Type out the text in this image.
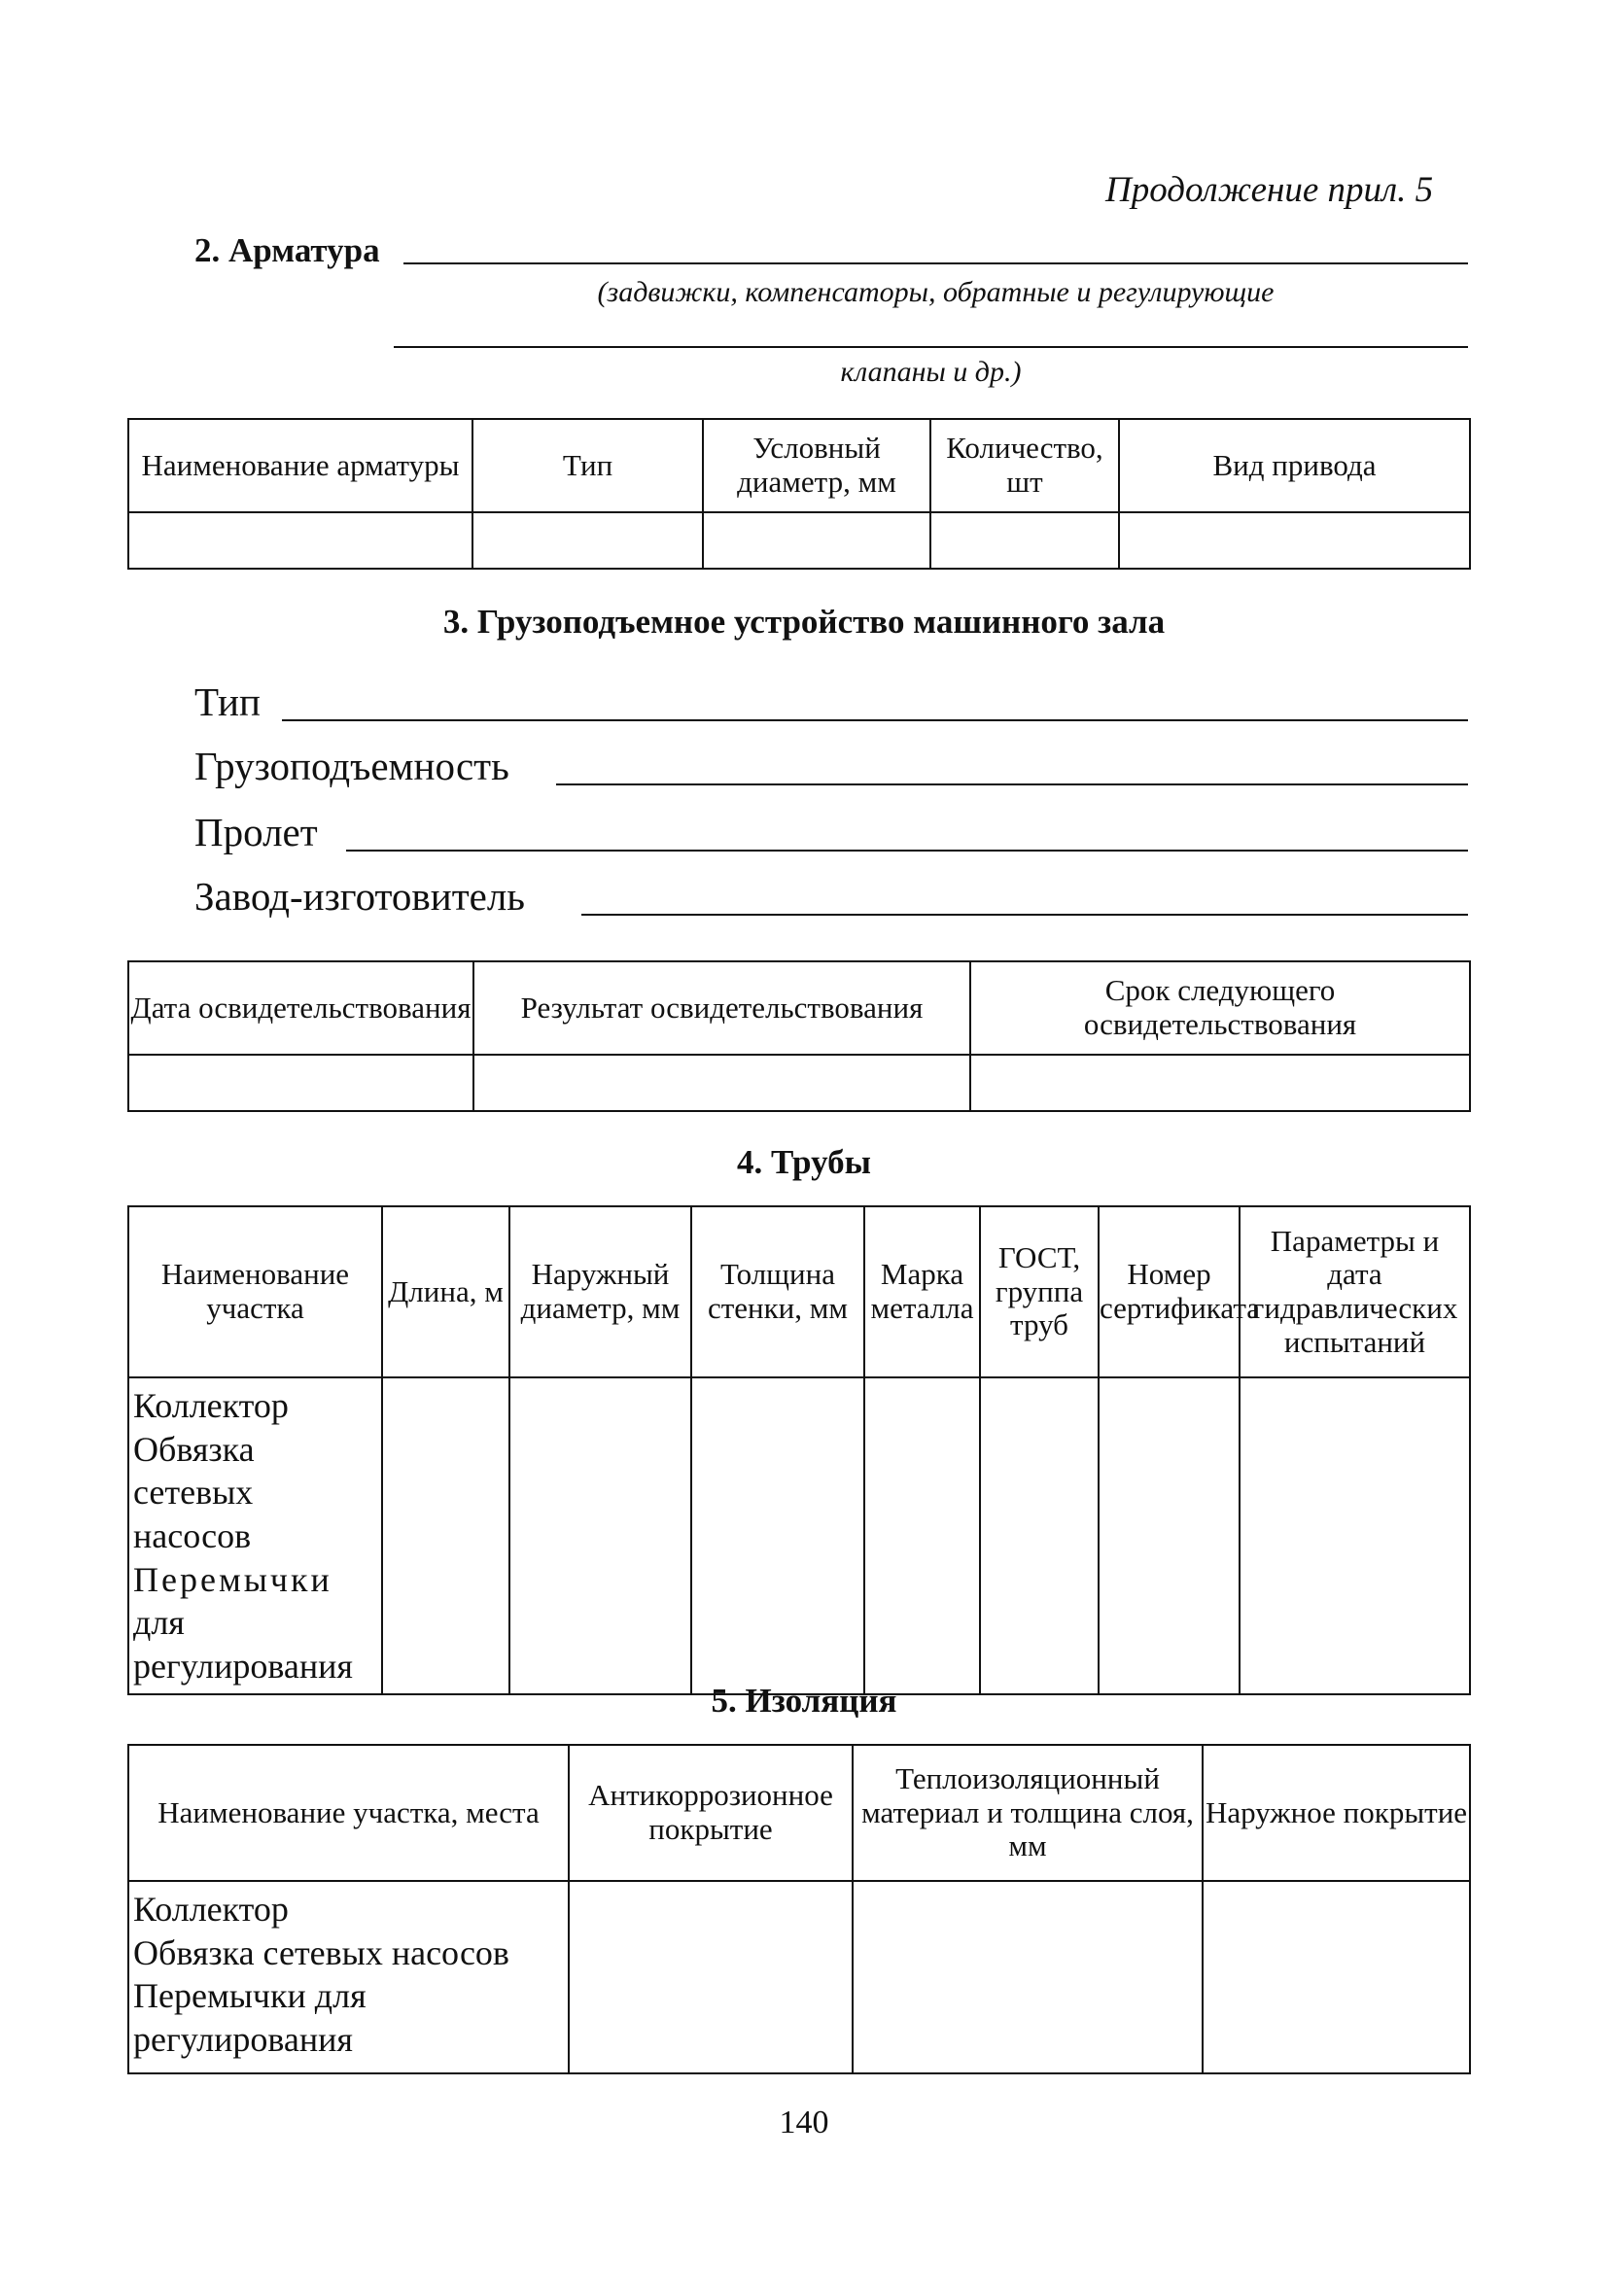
Продолжение прил. 5
2. Арматура
(задвижки, компенсаторы, обратные и регулирующие
клапаны и др.)
Наименование арматуры	Тип	Условный диаметр, мм	Количество, шт	Вид привода

3. Грузоподъемное устройство машинного зала
Тип
Грузоподъемность
Пролет
Завод-изготовитель
Дата освидетельствования	Результат освидетельствования	Срок следующего освидетельствования

4. Трубы
Наименование участка	Длина, м	Наружный диаметр, мм	Толщина стенки, мм	Марка металла	ГОСТ, группа труб	Номер сертификата	Параметры и дата гидравлических испытаний

Коллектор
Обвязка сетевых насосов
Перемычки
для регулирования							

5. Изоляция
Наименование участка, места	Антикоррозионное покрытие	Теплоизоляционный материал и толщина слоя, мм	Наружное покрытие

Коллектор
Обвязка сетевых насосов
Перемычки для регулирования			

140
